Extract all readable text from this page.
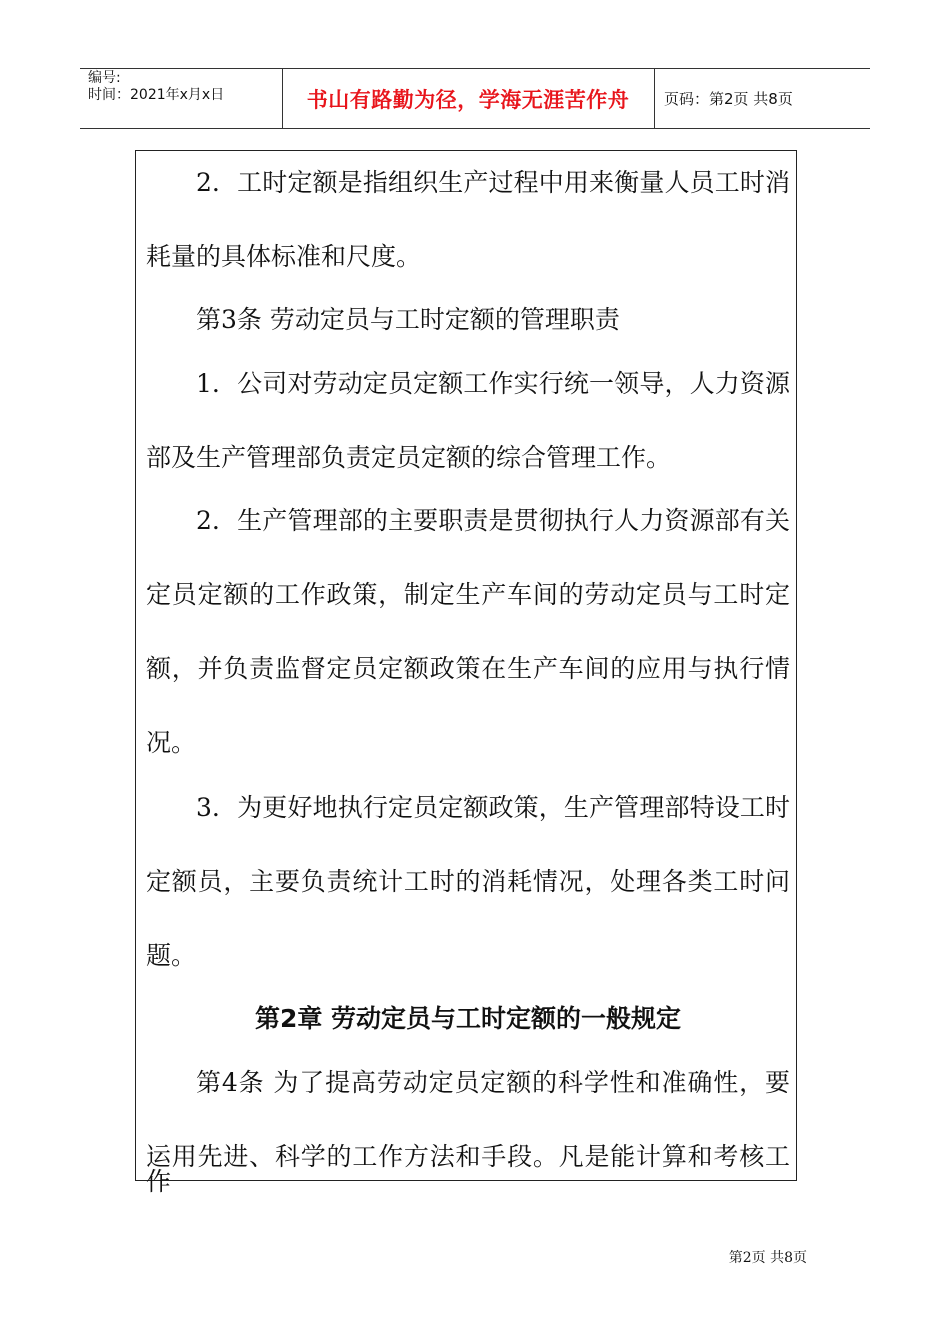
编号:
时间：2021年x月x日	书山有路勤为径，学海无涯苦作舟	页码：第2页 共8页
2．工时定额是指组织生产过程中用来衡量人员工时消
耗量的具体标准和尺度。
第3条 劳动定员与工时定额的管理职责
1．公司对劳动定员定额工作实行统一领导，人力资源
部及生产管理部负责定员定额的综合管理工作。
2．生产管理部的主要职责是贯彻执行人力资源部有关
定员定额的工作政策，制定生产车间的劳动定员与工时定
额，并负责监督定员定额政策在生产车间的应用与执行情
况。
3．为更好地执行定员定额政策，生产管理部特设工时
定额员，主要负责统计工时的消耗情况，处理各类工时问
题。
第2章 劳动定员与工时定额的一般规定
第4条 为了提高劳动定员定额的科学性和准确性，要
运用先进、科学的工作方法和手段。凡是能计算和考核工作
第2页 共8页
